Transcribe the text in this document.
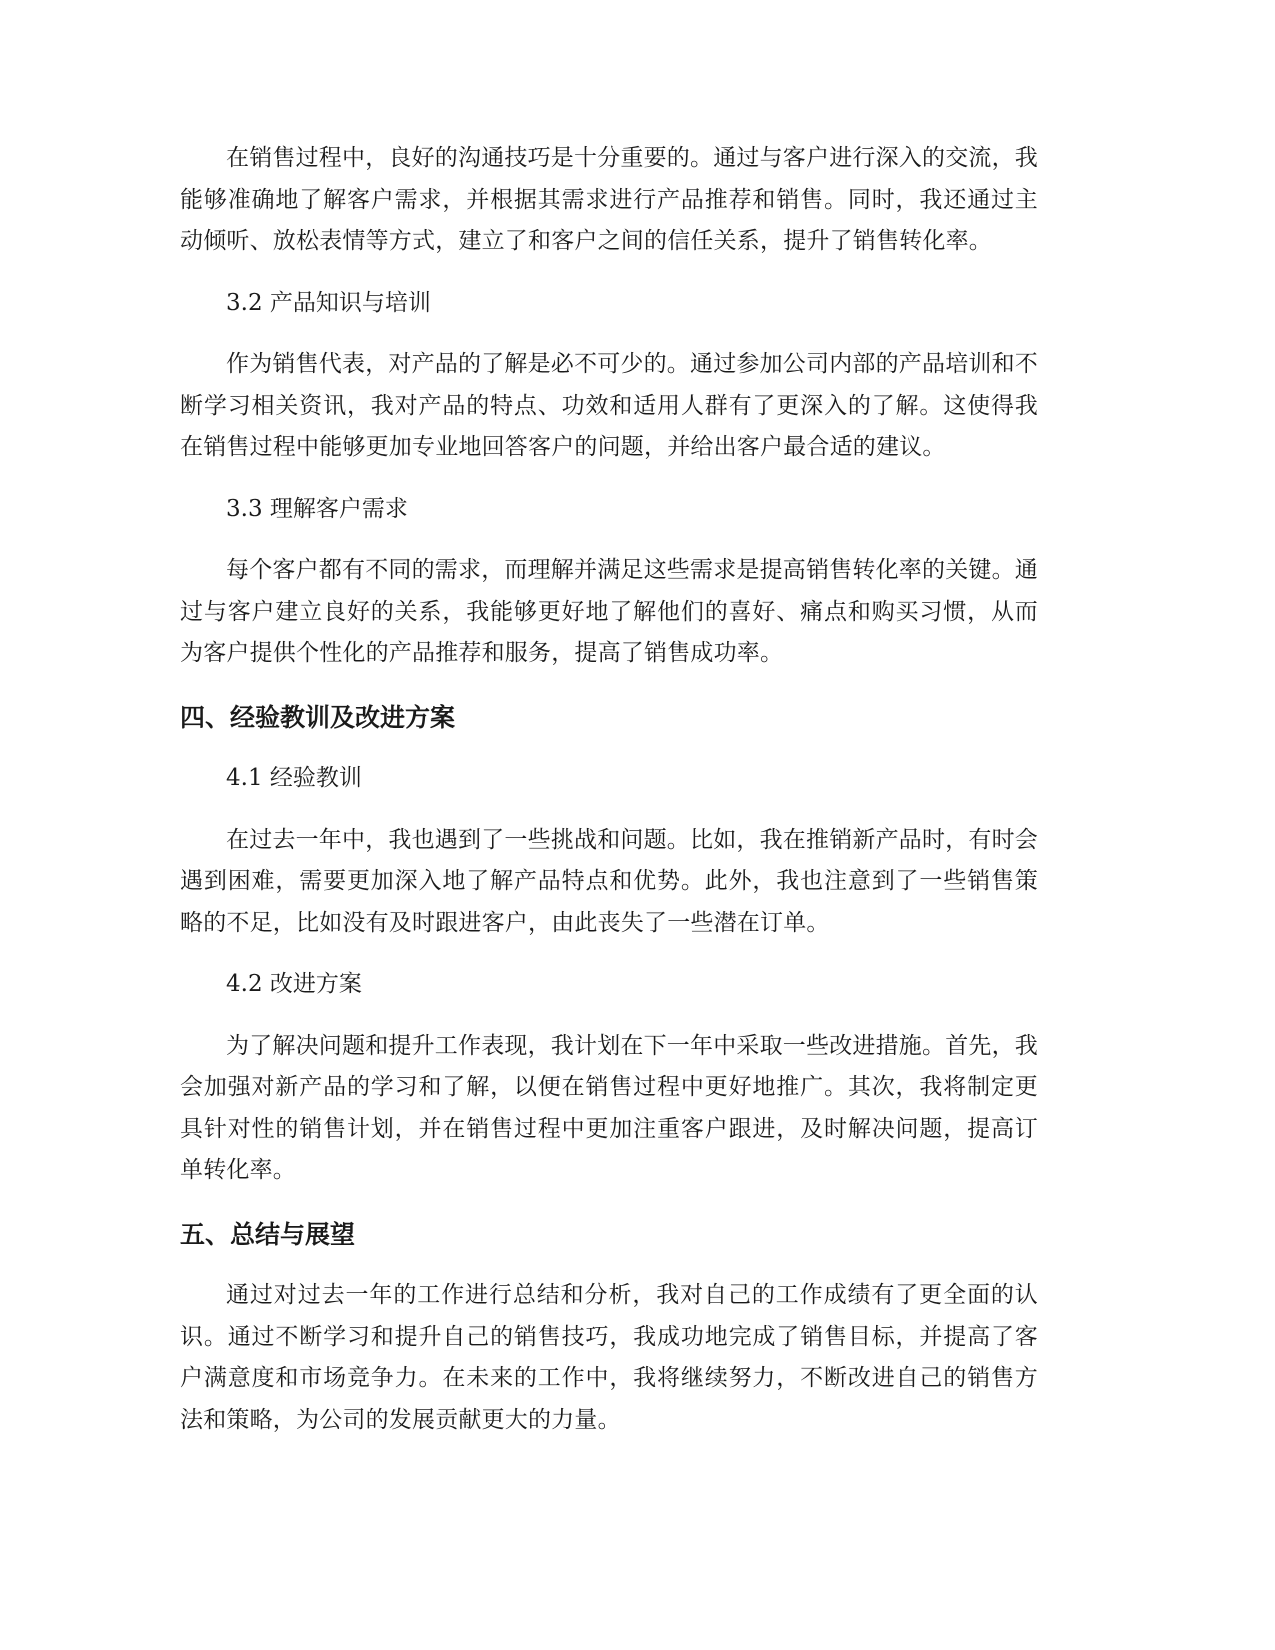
在销售过程中，良好的沟通技巧是十分重要的。通过与客户进行深入的交流，我能够准确地了解客户需求，并根据其需求进行产品推荐和销售。同时，我还通过主动倾听、放松表情等方式，建立了和客户之间的信任关系，提升了销售转化率。

3.2 产品知识与培训

作为销售代表，对产品的了解是必不可少的。通过参加公司内部的产品培训和不断学习相关资讯，我对产品的特点、功效和适用人群有了更深入的了解。这使得我在销售过程中能够更加专业地回答客户的问题，并给出客户最合适的建议。

3.3 理解客户需求

每个客户都有不同的需求，而理解并满足这些需求是提高销售转化率的关键。通过与客户建立良好的关系，我能够更好地了解他们的喜好、痛点和购买习惯，从而为客户提供个性化的产品推荐和服务，提高了销售成功率。

四、经验教训及改进方案

4.1 经验教训

在过去一年中，我也遇到了一些挑战和问题。比如，我在推销新产品时，有时会遇到困难，需要更加深入地了解产品特点和优势。此外，我也注意到了一些销售策略的不足，比如没有及时跟进客户，由此丧失了一些潜在订单。

4.2 改进方案

为了解决问题和提升工作表现，我计划在下一年中采取一些改进措施。首先，我会加强对新产品的学习和了解，以便在销售过程中更好地推广。其次，我将制定更具针对性的销售计划，并在销售过程中更加注重客户跟进，及时解决问题，提高订单转化率。

五、总结与展望

通过对过去一年的工作进行总结和分析，我对自己的工作成绩有了更全面的认识。通过不断学习和提升自己的销售技巧，我成功地完成了销售目标，并提高了客户满意度和市场竞争力。在未来的工作中，我将继续努力，不断改进自己的销售方法和策略，为公司的发展贡献更大的力量。
